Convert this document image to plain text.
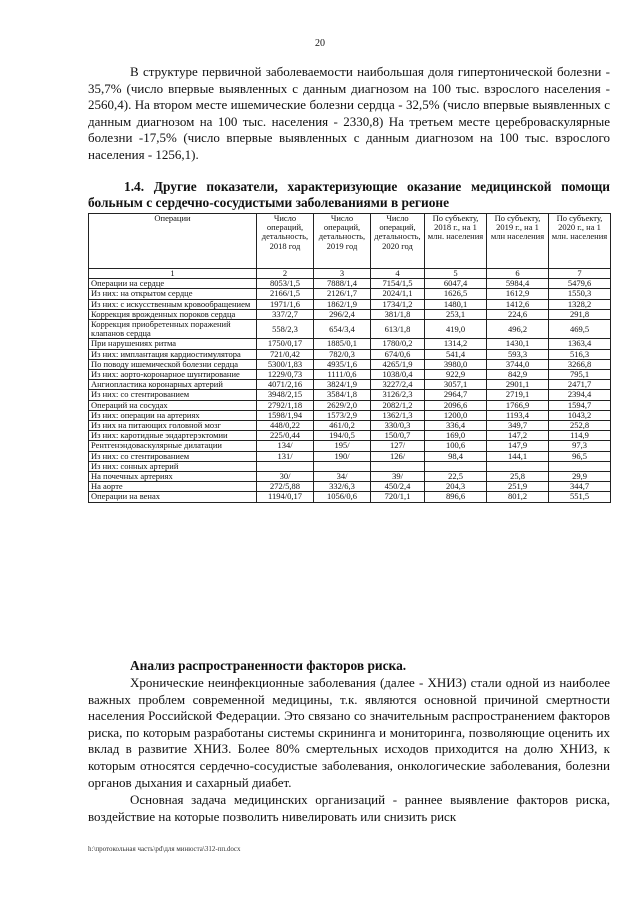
20

В структуре первичной заболеваемости наибольшая доля гипертонической болезни - 35,7% (число впервые выявленных с данным диагнозом на 100 тыс. взрослого населения - 2560,4). На втором месте ишемические болезни сердца - 32,5% (число впервые выявленных с данным диагнозом на 100 тыс. населения - 2330,8) На третьем месте цереброваскулярные болезни -17,5% (число впервые выявленных с данным диагнозом на 100 тыс. взрослого населения - 1256,1).

1.4. Другие показатели, характеризующие оказание медицинской помощи больным с сердечно-сосудистыми заболеваниями в регионе

Операции	Число операций, детальность, 2018 год	Число операций, детальность, 2019 год	Число операций, детальность, 2020 год	По субъекту, 2018 г., на 1 млн. населения	По субъекту, 2019 г., на 1 млн населения	По субъекту, 2020 г., на 1 млн. населения
1	2	3	4	5	6	7
Операции на сердце	8053/1,5	7888/1,4	7154/1,5	6047,4	5984,4	5479,6
Из них: на открытом сердце	2166/1,5	2126/1,7	2024/1,1	1626,5	1612,9	1550,3
Из них: с искусственным кровообращением	1971/1,6	1862/1,9	1734/1,2	1480,1	1412,6	1328,2
Коррекция врожденных пороков сердца	337/2,7	296/2,4	381/1,8	253,1	224,6	291,8
Коррекция приобретенных поражений клапанов сердца	558/2,3	654/3,4	613/1,8	419,0	496,2	469,5
При нарушениях ритма	1750/0,17	1885/0,1	1780/0,2	1314,2	1430,1	1363,4
Из них: имплантация кардиостимулятора	721/0,42	782/0,3	674/0,6	541,4	593,3	516,3
По поводу ишемической болезни сердца	5300/1,83	4935/1,6	4265/1,9	3980,0	3744,0	3266,8
Из них: аорто-коронарное шунтирование	1229/0,73	1111/0,6	1038/0,4	922,9	842,9	795,1
Ангиопластика коронарных артерий	4071/2,16	3824/1,9	3227/2,4	3057,1	2901,1	2471,7
Из них: со стентированием	3948/2,15	3584/1,8	3126/2,3	2964,7	2719,1	2394,4
Операций на сосудах	2792/1,18	2629/2,0	2082/1,2	2096,6	1766,9	1594,7
Из них: операции на артериях	1598/1,94	1573/2,9	1362/1,3	1200,0	1193,4	1043,2
Из них на питающих головной мозг	448/0,22	461/0,2	330/0,3	336,4	349,7	252,8
Из них: каротидные эндартерэктомии	225/0,44	194/0,5	150/0,7	169,0	147,2	114,9
Рентгенэндоваскулярные дилатации	134/	195/	127/	100,6	147,9	97,3
Из них: со стентированием	131/	190/	126/	98,4	144,1	96,5
Из них: сонных артерий						
На почечных артериях	30/	34/	39/	22,5	25,8	29,9
На аорте	272/5,88	332/6,3	450/2,4	204,3	251,9	344,7
Операции на венах	1194/0,17	1056/0,6	720/1,1	896,6	801,2	551,5

Анализ распространенности факторов риска.

Хронические неинфекционные заболевания (далее - ХНИЗ) стали одной из наиболее важных проблем современной медицины, т.к. являются основной причиной смертности населения Российской Федерации. Это связано со значительным распространением факторов риска, по которым разработаны системы скрининга и мониторинга, позволяющие оценить их вклад в развитие ХНИЗ. Более 80% смертельных исходов приходится на долю ХНИЗ, к которым относятся сердечно-сосудистые заболевания, онкологические заболевания, болезни органов дыхания и сахарный диабет.

Основная задача медицинских организаций - раннее выявление факторов риска, воздействие на которые позволить нивелировать или снизить риск

h:\протокольная часть\pd\для минюста\312-пп.docx
